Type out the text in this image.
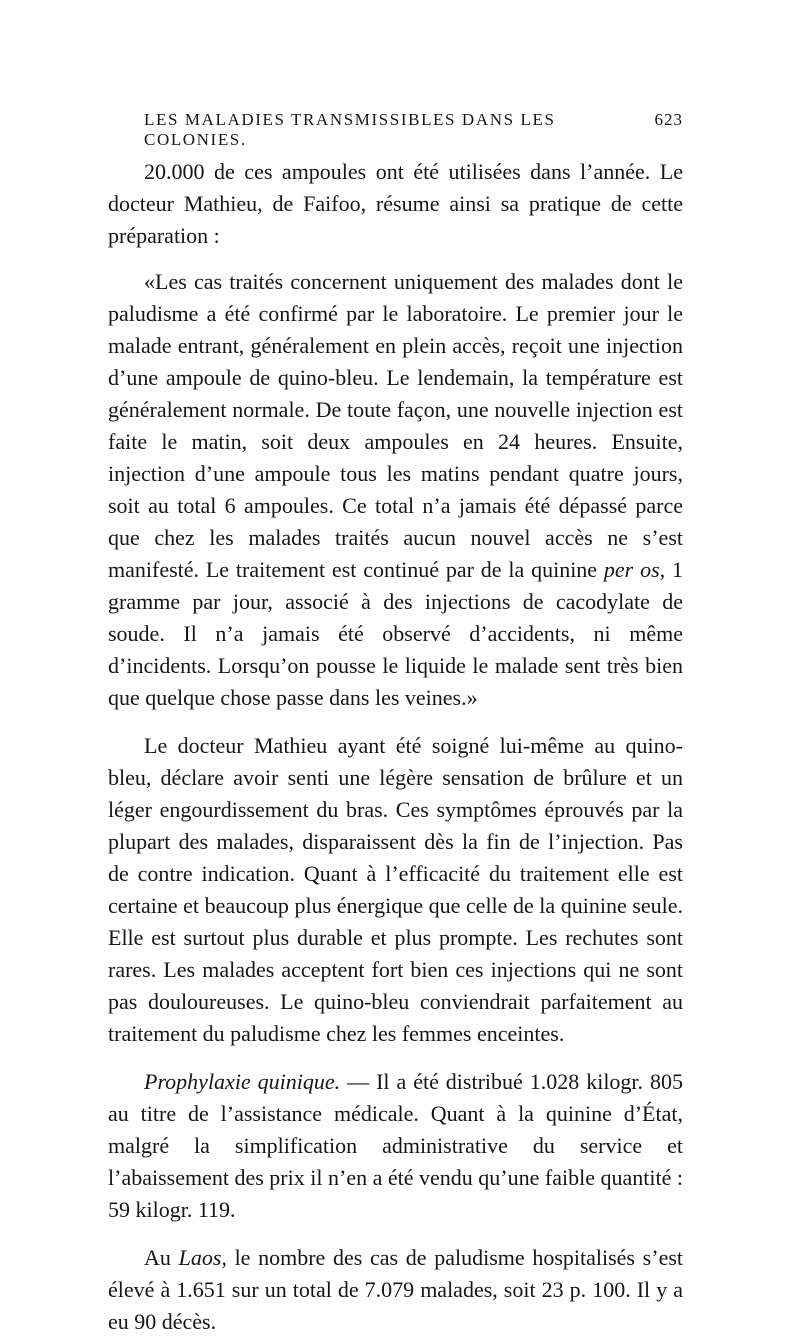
LES MALADIES TRANSMISSIBLES DANS LES COLONIES.
623

20.000 de ces ampoules ont été utilisées dans l’année. Le docteur Mathieu, de Faifoo, résume ainsi sa pratique de cette préparation :

«Les cas traités concernent uniquement des malades dont le paludisme a été confirmé par le laboratoire. Le premier jour le malade entrant, généralement en plein accès, reçoit une injection d’une ampoule de quino-bleu. Le lendemain, la température est généralement normale. De toute façon, une nouvelle injection est faite le matin, soit deux ampoules en 24 heures. Ensuite, injection d’une ampoule tous les matins pendant quatre jours, soit au total 6 ampoules. Ce total n’a jamais été dépassé parce que chez les malades traités aucun nouvel accès ne s’est manifesté. Le traitement est continué par de la quinine per os, 1 gramme par jour, associé à des injections de cacodylate de soude. Il n’a jamais été observé d’accidents, ni même d’incidents. Lorsqu’on pousse le liquide le malade sent très bien que quelque chose passe dans les veines.»

Le docteur Mathieu ayant été soigné lui-même au quino-bleu, déclare avoir senti une légère sensation de brûlure et un léger engourdissement du bras. Ces symptômes éprouvés par la plupart des malades, disparaissent dès la fin de l’injection. Pas de contre indication. Quant à l’efficacité du traitement elle est certaine et beaucoup plus énergique que celle de la quinine seule. Elle est surtout plus durable et plus prompte. Les rechutes sont rares. Les malades acceptent fort bien ces injections qui ne sont pas douloureuses. Le quino-bleu conviendrait parfaitement au traitement du paludisme chez les femmes enceintes.

Prophylaxie quinique. — Il a été distribué 1.028 kilogr. 805 au titre de l’assistance médicale. Quant à la quinine d’État, malgré la simplification administrative du service et l’abaissement des prix il n’en a été vendu qu’une faible quantité : 59 kilogr. 119.

Au Laos, le nombre des cas de paludisme hospitalisés s’est élevé à 1.651 sur un total de 7.079 malades, soit 23 p. 100. Il y a eu 90 décès.
